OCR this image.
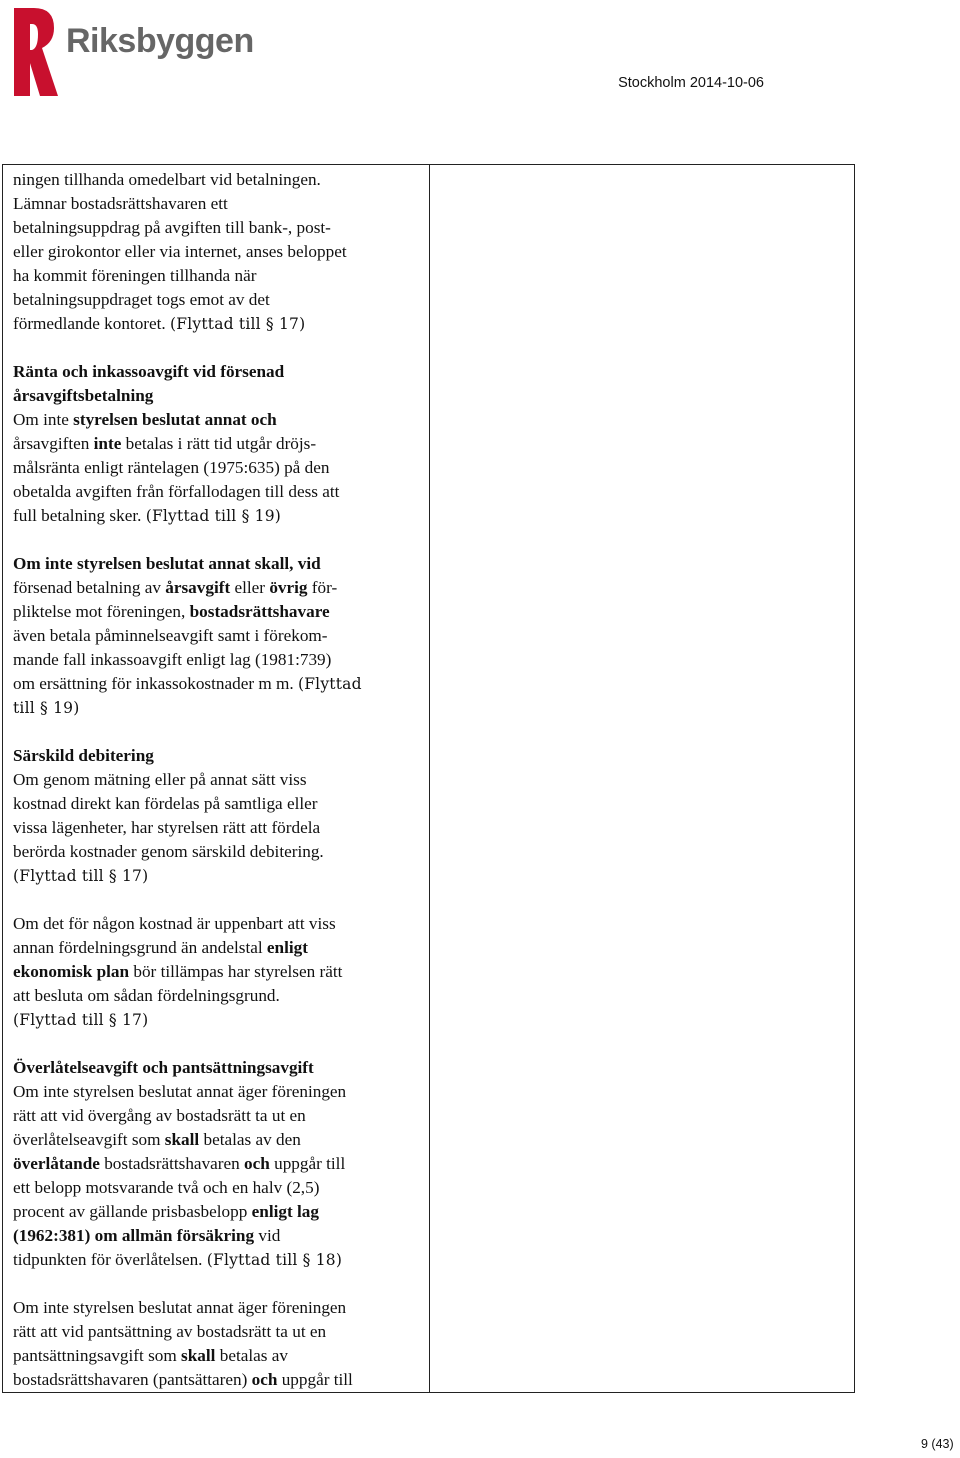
Riksbyggen
Stockholm 2014-10-06
ningen tillhanda omedelbart vid betalningen.
Lämnar bostadsrättshavaren ett
betalningsuppdrag på avgiften till bank-, post-
eller girokontor eller via internet, anses beloppet
ha kommit föreningen tillhanda när
betalningsuppdraget togs emot av det
förmedlande kontoret. (Flyttad till § 17)
Ränta och inkassoavgift vid försenad
årsavgiftsbetalning
Om inte styrelsen beslutat annat och
årsavgiften inte betalas i rätt tid utgår dröjs-
målsränta enligt räntelagen (1975:635) på den
obetalda avgiften från förfallodagen till dess att
full betalning sker. (Flyttad till § 19)
Om inte styrelsen beslutat annat skall, vid
försenad betalning av årsavgift eller övrig för-
pliktelse mot föreningen, bostadsrättshavare
även betala påminnelseavgift samt i förekom-
mande fall inkassoavgift enligt lag (1981:739)
om ersättning för inkassokostnader m m. (Flyttad
till § 19)
Särskild debitering
Om genom mätning eller på annat sätt viss
kostnad direkt kan fördelas på samtliga eller
vissa lägenheter, har styrelsen rätt att fördela
berörda kostnader genom särskild debitering.
(Flyttad till § 17)
Om det för någon kostnad är uppenbart att viss
annan fördelningsgrund än andelstal enligt
ekonomisk plan bör tillämpas har styrelsen rätt
att besluta om sådan fördelningsgrund.
(Flyttad till § 17)
Överlåtelseavgift och pantsättningsavgift
Om inte styrelsen beslutat annat äger föreningen
rätt att vid övergång av bostadsrätt ta ut en
överlåtelseavgift som skall betalas av den
överlåtande bostadsrättshavaren och uppgår till
ett belopp motsvarande två och en halv (2,5)
procent av gällande prisbasbelopp enligt lag
(1962:381) om allmän försäkring vid
tidpunkten för överlåtelsen. (Flyttad till § 18)
Om inte styrelsen beslutat annat äger föreningen
rätt att vid pantsättning av bostadsrätt ta ut en
pantsättningsavgift som skall betalas av
bostadsrättshavaren (pantsättaren) och uppgår till
9 (43)
